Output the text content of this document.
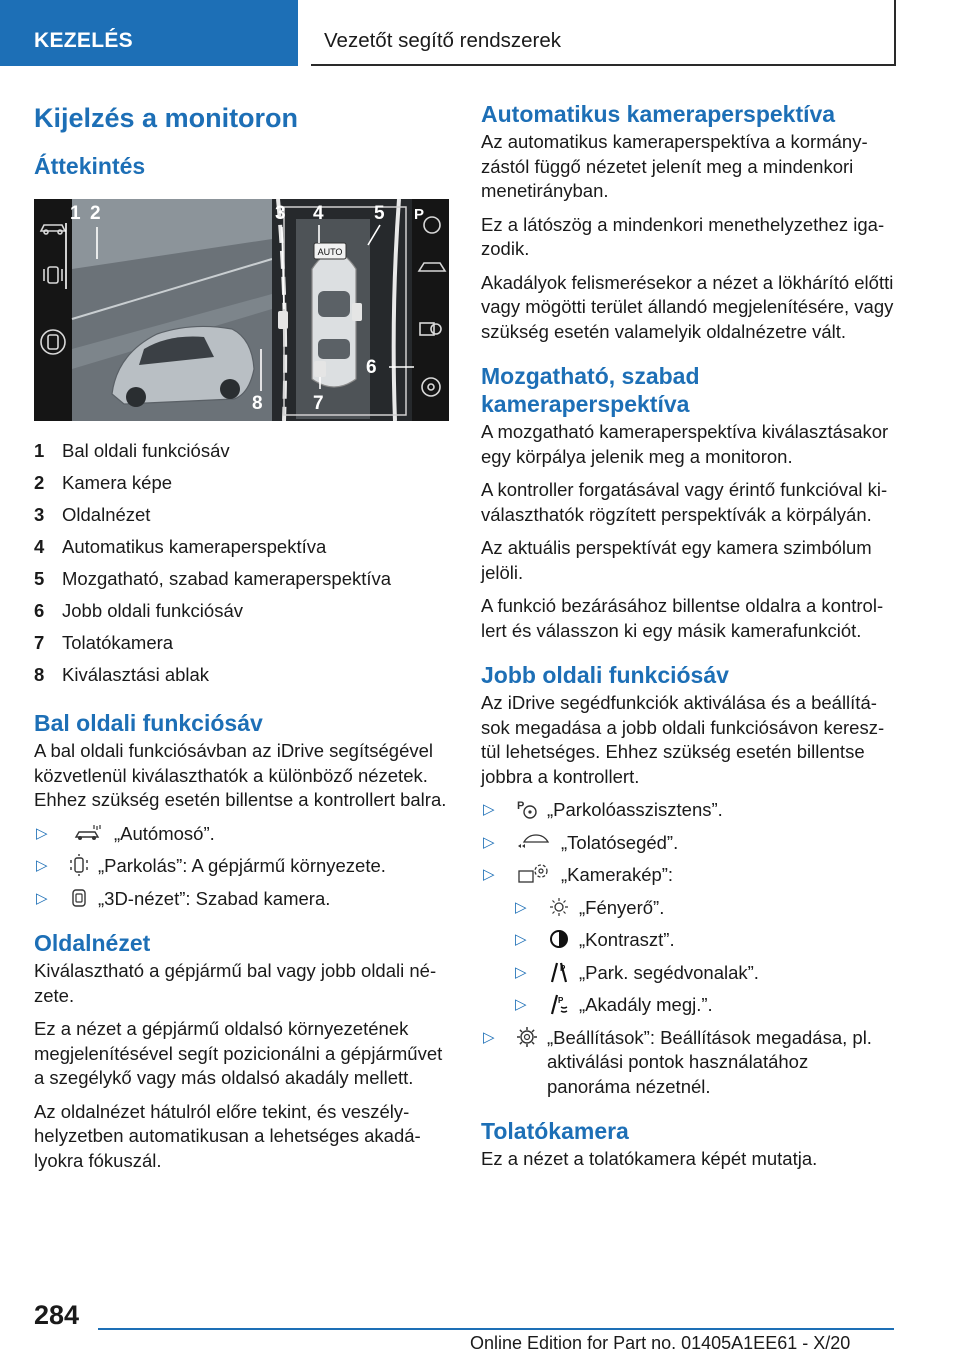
KEZELÉS	Vezetőt segítő rendszerek
Kijelzés a monitoron
Áttekintés
AUTO
P
1 2	3 4	5
6
7
8
1 Bal oldali funkciósáv
2 Kamera képe
3 Oldalnézet
4 Automatikus kameraperspektíva
5 Mozgatható, szabad kameraperspektíva
6 Jobb oldali funkciósáv
7 Tolatókamera
8 Kiválasztási ablak
Bal oldali funkciósáv

A bal oldali funkciósávban az iDrive segítségével közvetlenül kiválaszthatók a különböző nézetek. Ehhez szükség esetén billentse a kontrollert balra.

▷	„Autómosó”.
▷	„Parkolás”: A gépjármű környezete.
▷	„3D-nézet”: Szabad kamera.
Oldalnézet

Kiválasztható a gépjármű bal vagy jobb oldali nézete.

Ez a nézet a gépjármű oldalsó környezetének megjelenítésével segít pozicionálni a gépjárművet a szegélykő vagy más oldalsó akadály mellett.

Az oldalnézet hátulról előre tekint, és veszélyhelyzetben automatikusan a lehetséges akadályokra fókuszál.

Automatikus kameraperspektíva

Az automatikus kameraperspektíva a kormányzástól függő nézetet jelenít meg a mindenkori menetirányban.

Ez a látószög a mindenkori menethelyzethez igazodik.

Akadályok felismerésekor a nézet a lökhárító előtti vagy mögötti terület állandó megjelenítésére, vagy szükség esetén valamelyik oldalnézetre vált.

Mozgatható, szabad kameraperspektíva

A mozgatható kameraperspektíva kiválasztásakor egy körpálya jelenik meg a monitoron.

A kontroller forgatásával vagy érintő funkcióval kiválaszthatók rögzített perspektívák a körpályán.

Az aktuális perspektívát egy kamera szimbólum jelöli.

A funkció bezárásához billentse oldalra a kontrollert és válasszon ki egy másik kamerafunkciót.

Jobb oldali funkciósáv

Az iDrive segédfunkciók aktiválása és a beállítások megadása a jobb oldali funkciósávon keresztül lehetséges. Ehhez szükség esetén billentse jobbra a kontrollert.

▷	P „Parkolóasszisztens”.
▷	„Tolatósegéd”.
▷	„Kamerakép”:
▷	„Fényerő”.
▷	„Kontraszt”.
▷	P „Park. segédvonalak”.
▷	P „Akadály megj.”.
▷	„Beállítások”: Beállítások megadása, pl. aktiválási pontok használatához panoráma nézetnél.
Tolatókamera

Ez a nézet a tolatókamera képét mutatja.

284
Online Edition for Part no. 01405A1EE61 - X/20
